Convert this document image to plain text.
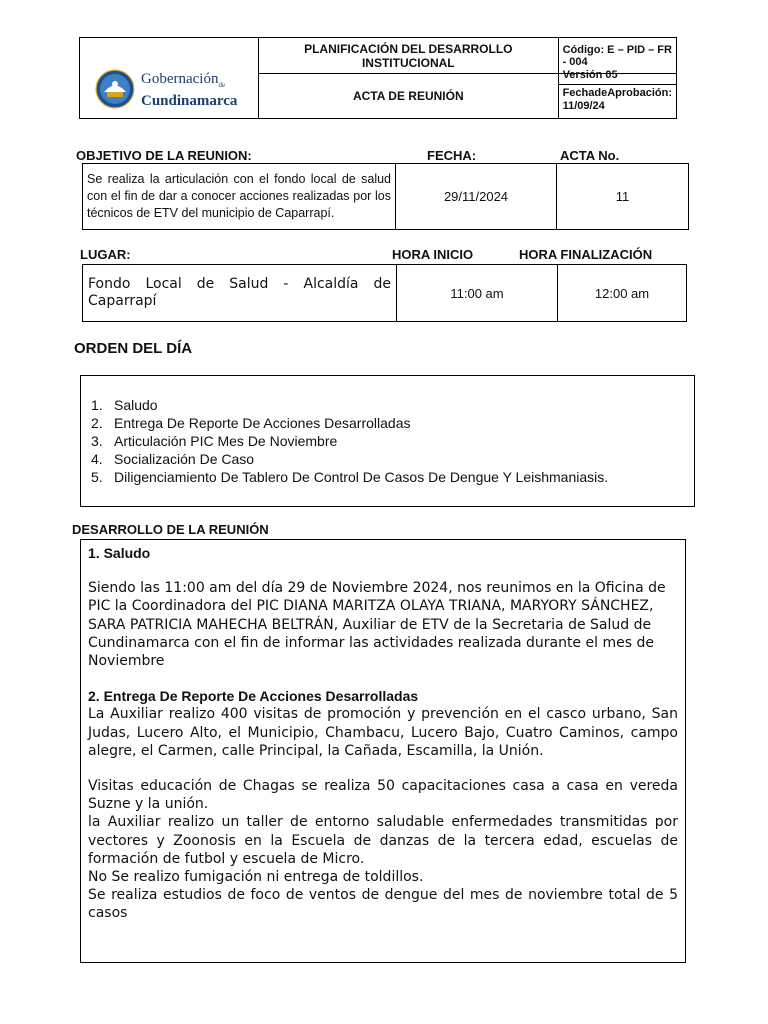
Gobernación$_{de}$
Cundinamarca	PLANIFICACIÓN DEL DESARROLLO INSTITUCIONAL	Código: E – PID – FR - 004
	ACTA DE REUNIÓN	Versión 05
Fecha de Aprobación:
11/09/24
OBJETIVO DE LA REUNION:	FECHA:	ACTA No.
Se realiza la articulación con el fondo local de salud con el fin de dar a conocer acciones realizadas por los técnicos de ETV del municipio de Caparrapí.	29/11/2024	11
LUGAR:	HORA INICIO	HORA FINALIZACIÓN
Fondo Local de Salud - Alcaldía de Caparrapí	11:00 am	12:00 am
ORDEN DEL DÍA
1. Saludo
2. Entrega De Reporte De Acciones Desarrolladas
3. Articulación PIC Mes De Noviembre
4. Socialización De Caso
5. Diligenciamiento De Tablero De Control De Casos De Dengue Y Leishmaniasis.
DESARROLLO DE LA REUNIÓN

1. Saludo

Siendo las 11:00 am del día 29 de Noviembre 2024, nos reunimos en la Oficina de PIC la Coordinadora del PIC DIANA MARITZA OLAYA TRIANA, MARYORY SÁNCHEZ, SARA PATRICIA MAHECHA BELTRÁN, Auxiliar de ETV de la Secretaria de Salud de Cundinamarca con el fin de informar las actividades realizada durante el mes de Noviembre

2. Entrega De Reporte De Acciones Desarrolladas

La Auxiliar realizo 400 visitas de promoción y prevención en el casco urbano, San Judas, Lucero Alto, el Municipio, Chambacu, Lucero Bajo, Cuatro Caminos, campo alegre, el Carmen, calle Principal, la Cañada, Escamilla, la Unión.

Visitas educación de Chagas se realiza 50 capacitaciones casa a casa en vereda Suzne y la unión.

la Auxiliar realizo un taller de entorno saludable enfermedades transmitidas por vectores y Zoonosis en la Escuela de danzas de la tercera edad, escuelas de formación de futbol y escuela de Micro.

No Se realizo fumigación ni entrega de toldillos.

Se realiza estudios de foco de ventos de dengue del mes de noviembre total de 5 casos
